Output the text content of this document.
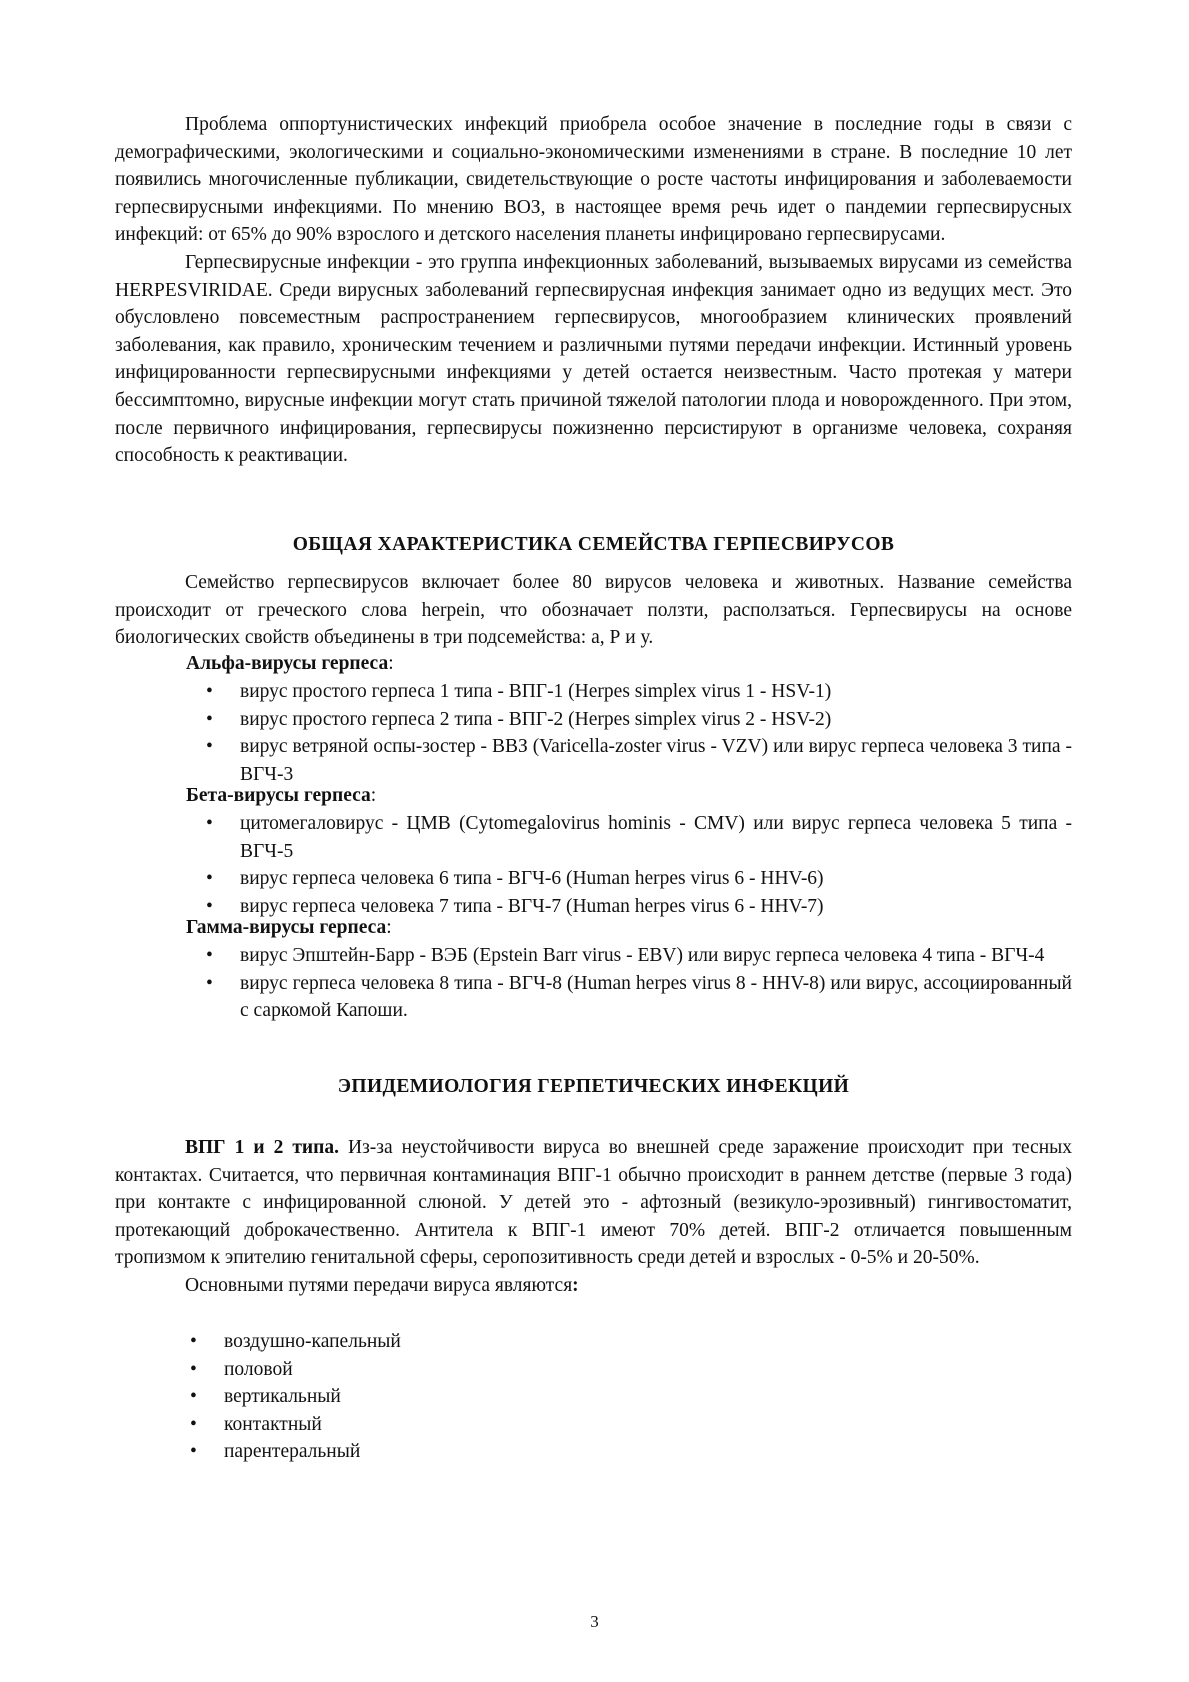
Проблема оппортунистических инфекций приобрела особое значение в последние годы в связи с демографическими, экологическими и социально-экономическими изменениями в стране. В последние 10 лет появились многочисленные публикации, свидетельствующие о росте частоты инфицирования и заболеваемости герпесвирусными инфекциями. По мнению ВОЗ, в настоящее время речь идет о пандемии герпесвирусных инфекций: от 65% до 90% взрослого и детского населения планеты инфицировано герпесвирусами.

Герпесвирусные инфекции - это группа инфекционных заболеваний, вызываемых вирусами из семейства HERPESVIRIDAE. Среди вирусных заболеваний герпесвирусная инфекция занимает одно из ведущих мест. Это обусловлено повсеместным распространением герпесвирусов, многообразием клинических проявлений заболевания, как правило, хроническим течением и различными путями передачи инфекции. Истинный уровень инфицированности герпесвирусными инфекциями у детей остается неизвестным. Часто протекая у матери бессимптомно, вирусные инфекции могут стать причиной тяжелой патологии плода и новорожденного. При этом, после первичного инфицирования, герпесвирусы пожизненно персистируют в организме человека, сохраняя способность к реактивации.

ОБЩАЯ ХАРАКТЕРИСТИКА СЕМЕЙСТВА ГЕРПЕСВИРУСОВ

Семейство герпесвирусов включает более 80 вирусов человека и животных. Название семейства происходит от греческого слова herpein, что обозначает ползти, расползаться. Герпесвирусы на основе биологических свойств объединены в три подсемейства: а, Р и у.

Альфа-вирусы герпеса:

• вирус простого герпеса 1 типа - ВПГ-1 (Herpes simplex virus 1 - HSV-1)
• вирус простого герпеса 2 типа - ВПГ-2 (Herpes simplex virus 2 - HSV-2)
• вирус ветряной оспы-зостер - ВВЗ (Varicella-zoster virus - VZV) или вирус герпеса человека 3 типа - ВГЧ-3

Бета-вирусы герпеса:

• цитомегаловирус - ЦМВ (Cytomegalovirus hominis - CMV) или вирус герпеса человека 5 типа - ВГЧ-5
• вирус герпеса человека 6 типа - ВГЧ-6 (Human herpes virus 6 - HHV-6)
• вирус герпеса человека 7 типа - ВГЧ-7 (Human herpes virus 6 - HHV-7)

Гамма-вирусы герпеса:

• вирус Эпштейн-Барр - ВЭБ (Epstein Barr virus - EBV) или вирус герпеса человека 4 типа - ВГЧ-4
• вирус герпеса человека 8 типа - ВГЧ-8 (Human herpes virus 8 - HHV-8) или вирус, ассоциированный с саркомой Капоши.
ЭПИДЕМИОЛОГИЯ ГЕРПЕТИЧЕСКИХ ИНФЕКЦИЙ

ВПГ 1 и 2 типа. Из-за неустойчивости вируса во внешней среде заражение происходит при тесных контактах. Считается, что первичная контаминация ВПГ-1 обычно происходит в раннем детстве (первые 3 года) при контакте с инфицированной слюной. У детей это - афтозный (везикуло-эрозивный) гингивостоматит, протекающий доброкачественно. Антитела к ВПГ-1 имеют 70% детей. ВПГ-2 отличается повышенным тропизмом к эпителию генитальной сферы, серопозитивность среди детей и взрослых - 0-5% и 20-50%.

Основными путями передачи вируса являются:

• воздушно-капельный
• половой
• вертикальный
• контактный
• парентеральный
3
